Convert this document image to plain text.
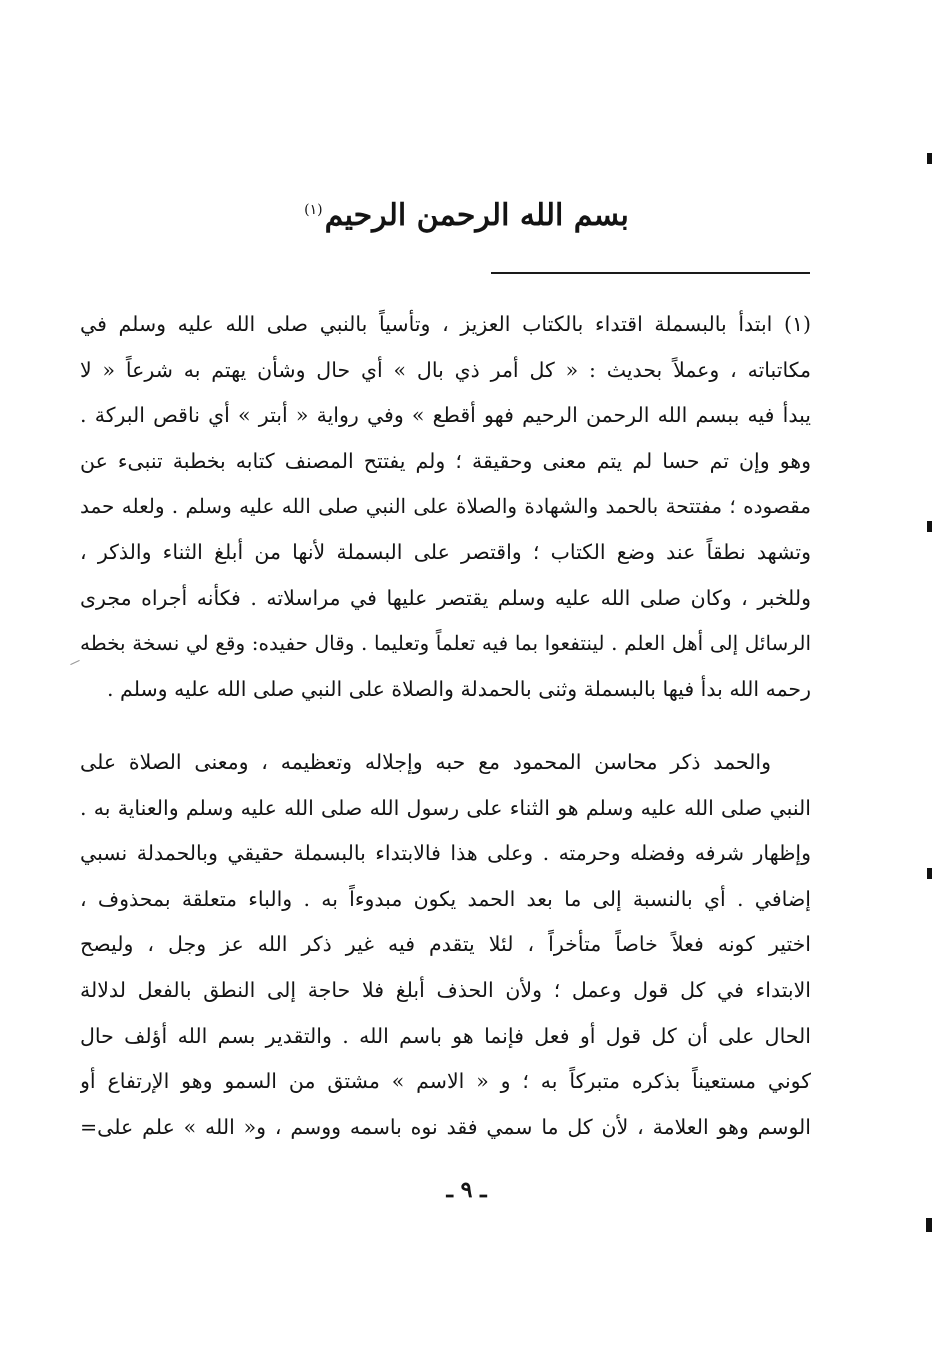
بسم الله الرحمن الرحيم$^{(١)}$
(١) ابتدأ بالبسملة اقتداء بالكتاب العزيز ، وتأسياً بالنبي صلى الله عليه وسلم في
مكاتباته ، وعملاً بحديث : « كل أمر ذي بال » أي حال وشأن يهتم به شرعاً « لا
يبدأ فيه ببسم الله الرحمن الرحيم فهو أقطع » وفي رواية « أبتر » أي ناقص البركة .
وهو وإن تم حسا لم يتم معنى وحقيقة ؛ ولم يفتتح المصنف كتابه بخطبة تنبىء عن
مقصوده ؛ مفتتحة بالحمد والشهادة والصلاة على النبي صلى الله عليه وسلم . ولعله حمد
وتشهد نطقاً عند وضع الكتاب ؛ واقتصر على البسملة لأنها من أبلغ الثناء والذكر ،
وللخبر ، وكان صلى الله عليه وسلم يقتصر عليها في مراسلاته . فكأنه أجراه مجرى
الرسائل إلى أهل العلم . لينتفعوا بما فيه تعلماً وتعليما . وقال حفيده: وقع لي نسخة بخطه
رحمه الله بدأ فيها بالبسملة وثنى بالحمدلة والصلاة على النبي صلى الله عليه وسلم .
والحمد ذكر محاسن المحمود مع حبه وإجلاله وتعظيمه ، ومعنى الصلاة على
النبي صلى الله عليه وسلم هو الثناء على رسول الله صلى الله عليه وسلم والعناية به .
وإظهار شرفه وفضله وحرمته . وعلى هذا فالابتداء بالبسملة حقيقي وبالحمدلة نسبي
إضافي . أي بالنسبة إلى ما بعد الحمد يكون مبدوءاً به . والباء متعلقة بمحذوف ،
اختير كونه فعلاً خاصاً متأخراً ، لئلا يتقدم فيه غير ذكر الله عز وجل ، وليصح
الابتداء في كل قول وعمل ؛ ولأن الحذف أبلغ فلا حاجة إلى النطق بالفعل لدلالة
الحال على أن كل قول أو فعل فإنما هو باسم الله . والتقدير بسم الله أؤلف حال
كوني مستعيناً بذكره متبركاً به ؛ و « الاسم » مشتق من السمو وهو الإرتفاع أو
الوسم وهو العلامة ، لأن كل ما سمي فقد نوه باسمه ووسم ، و« الله » علم على=
ـ ٩ ـ
